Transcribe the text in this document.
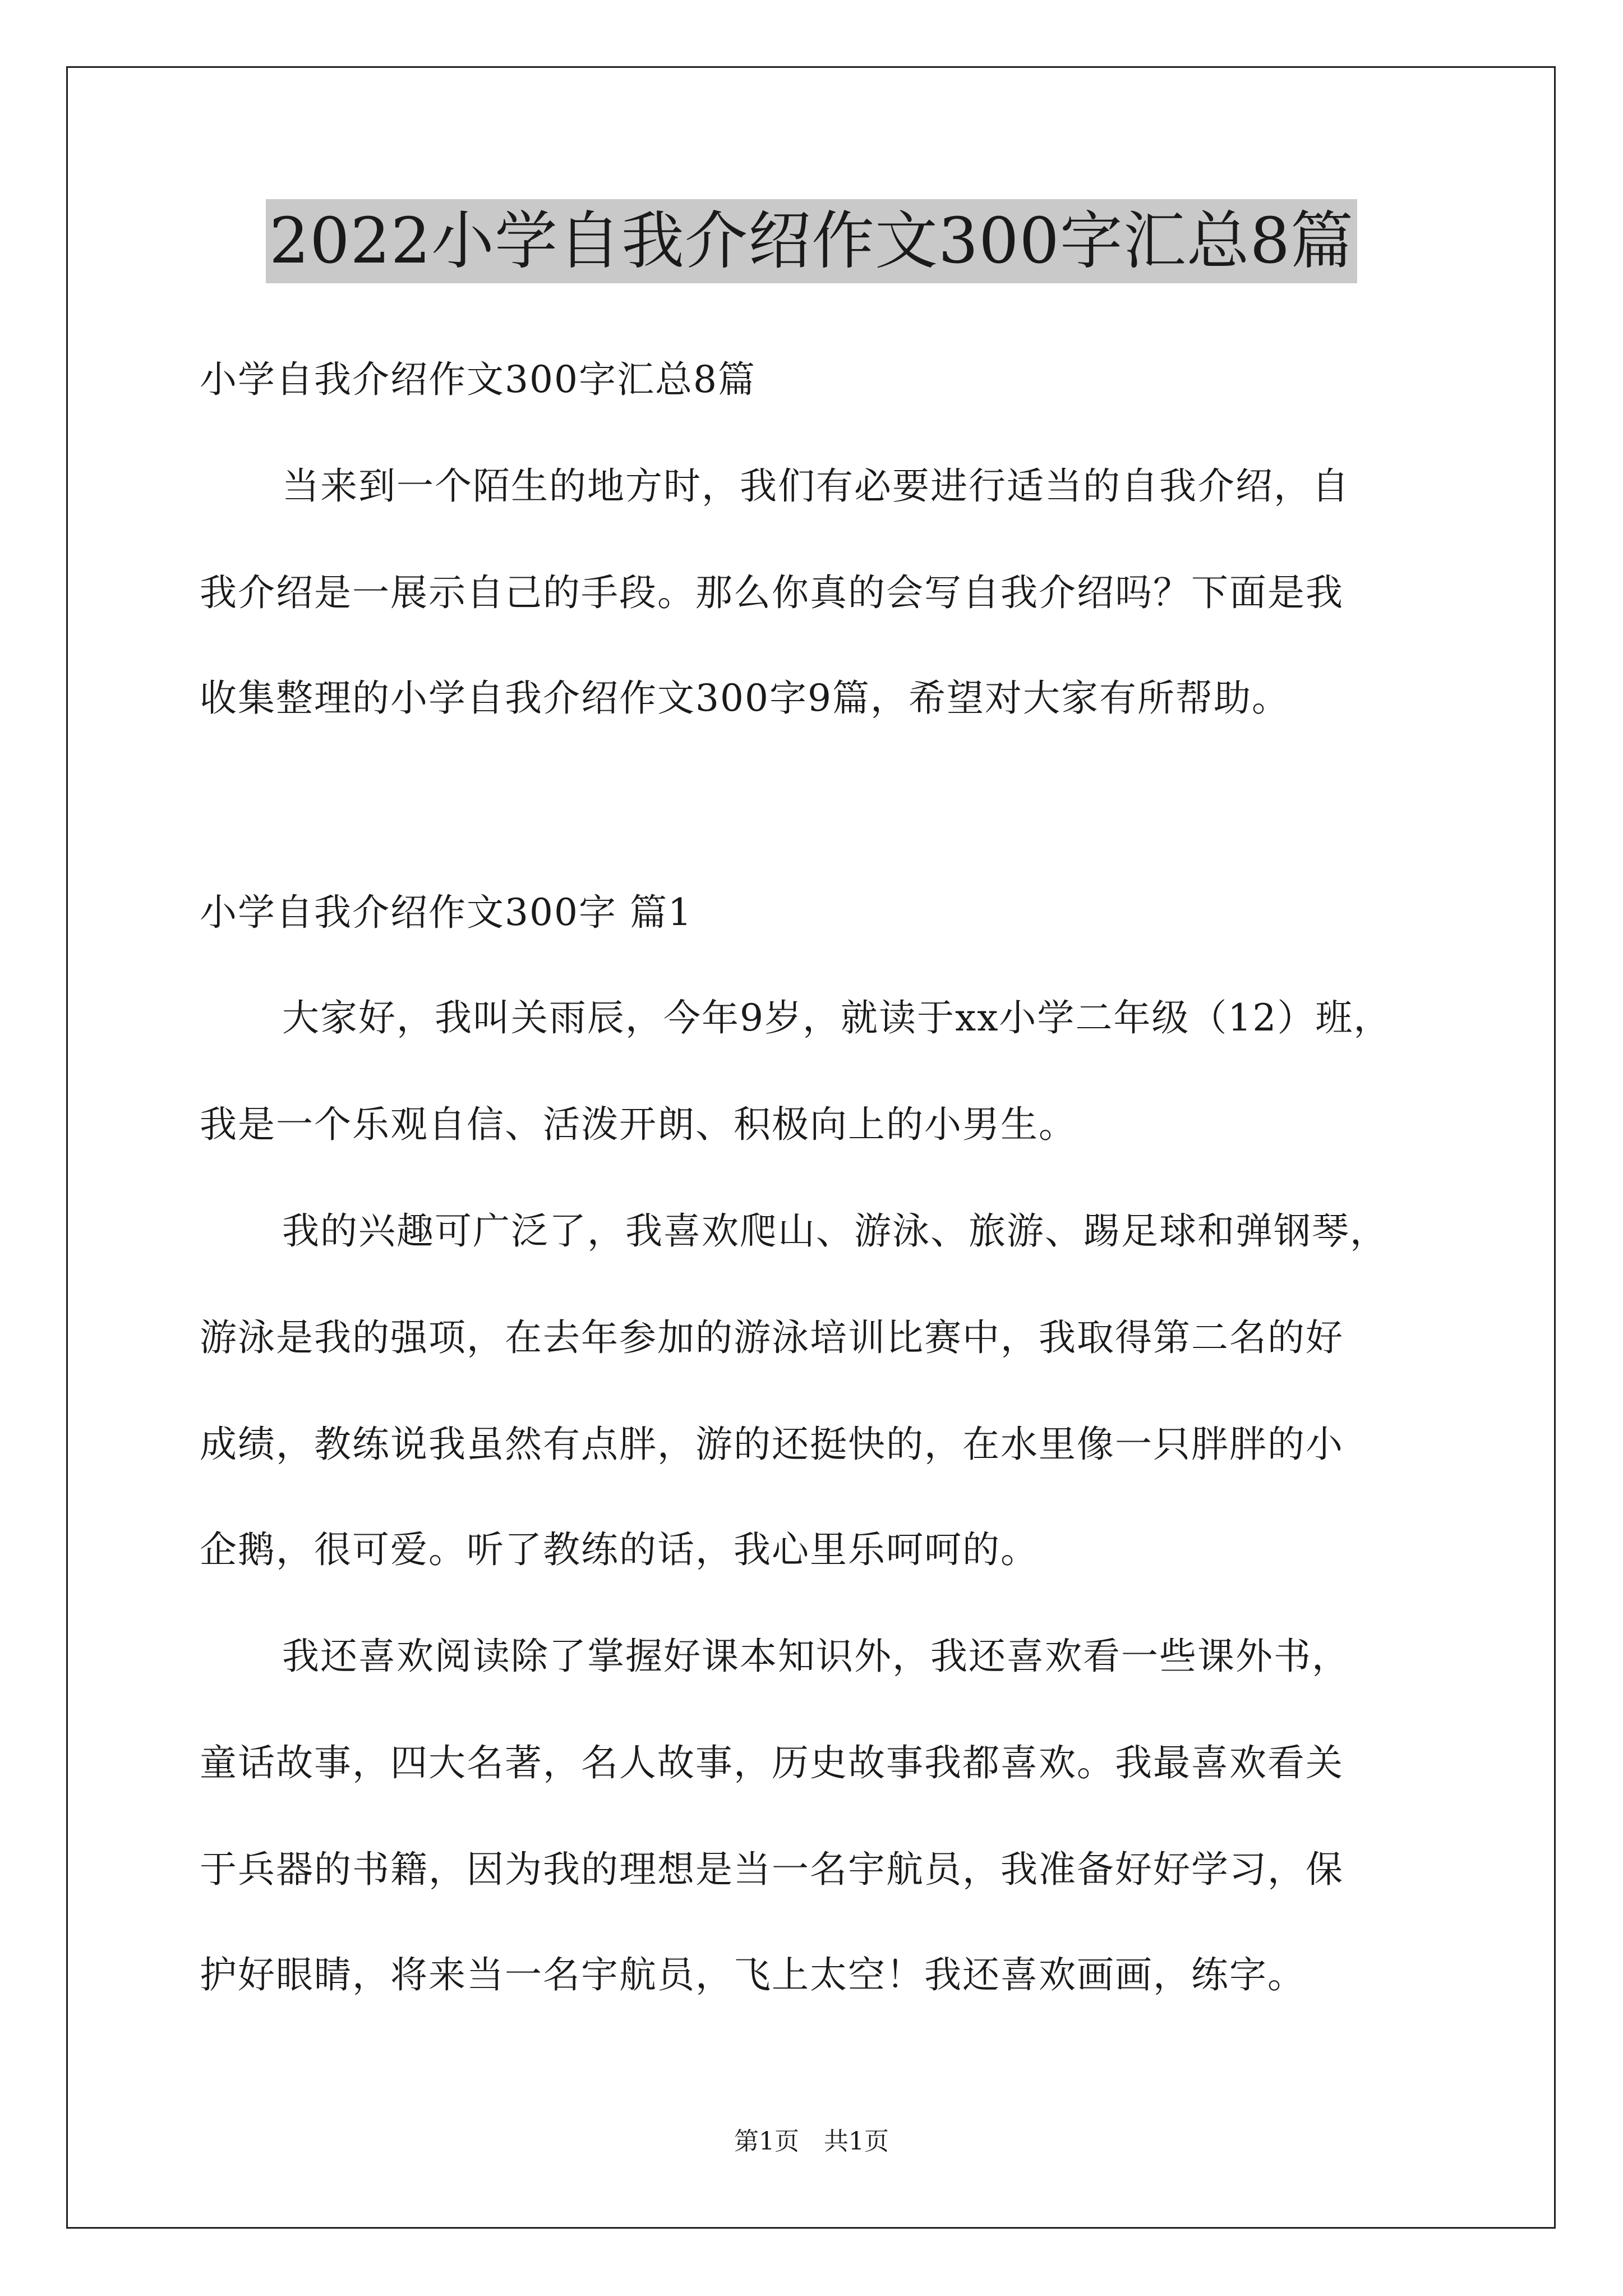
2022小学自我介绍作文300字汇总8篇
小学自我介绍作文300字汇总8篇
当来到一个陌生的地方时，我们有必要进行适当的自我介绍，自
我介绍是一展示自己的手段。那么你真的会写自我介绍吗？下面是我
收集整理的小学自我介绍作文300字9篇，希望对大家有所帮助。
小学自我介绍作文300字 篇1
大家好，我叫关雨辰，今年9岁，就读于xx小学二年级（12）班，
我是一个乐观自信、活泼开朗、积极向上的小男生。
我的兴趣可广泛了，我喜欢爬山、游泳、旅游、踢足球和弹钢琴，
游泳是我的强项，在去年参加的游泳培训比赛中，我取得第二名的好
成绩，教练说我虽然有点胖，游的还挺快的，在水里像一只胖胖的小
企鹅，很可爱。听了教练的话，我心里乐呵呵的。
我还喜欢阅读除了掌握好课本知识外，我还喜欢看一些课外书，
童话故事，四大名著，名人故事，历史故事我都喜欢。我最喜欢看关
于兵器的书籍，因为我的理想是当一名宇航员，我准备好好学习，保
护好眼睛，将来当一名宇航员，飞上太空！我还喜欢画画，练字。
第1页　共1页
